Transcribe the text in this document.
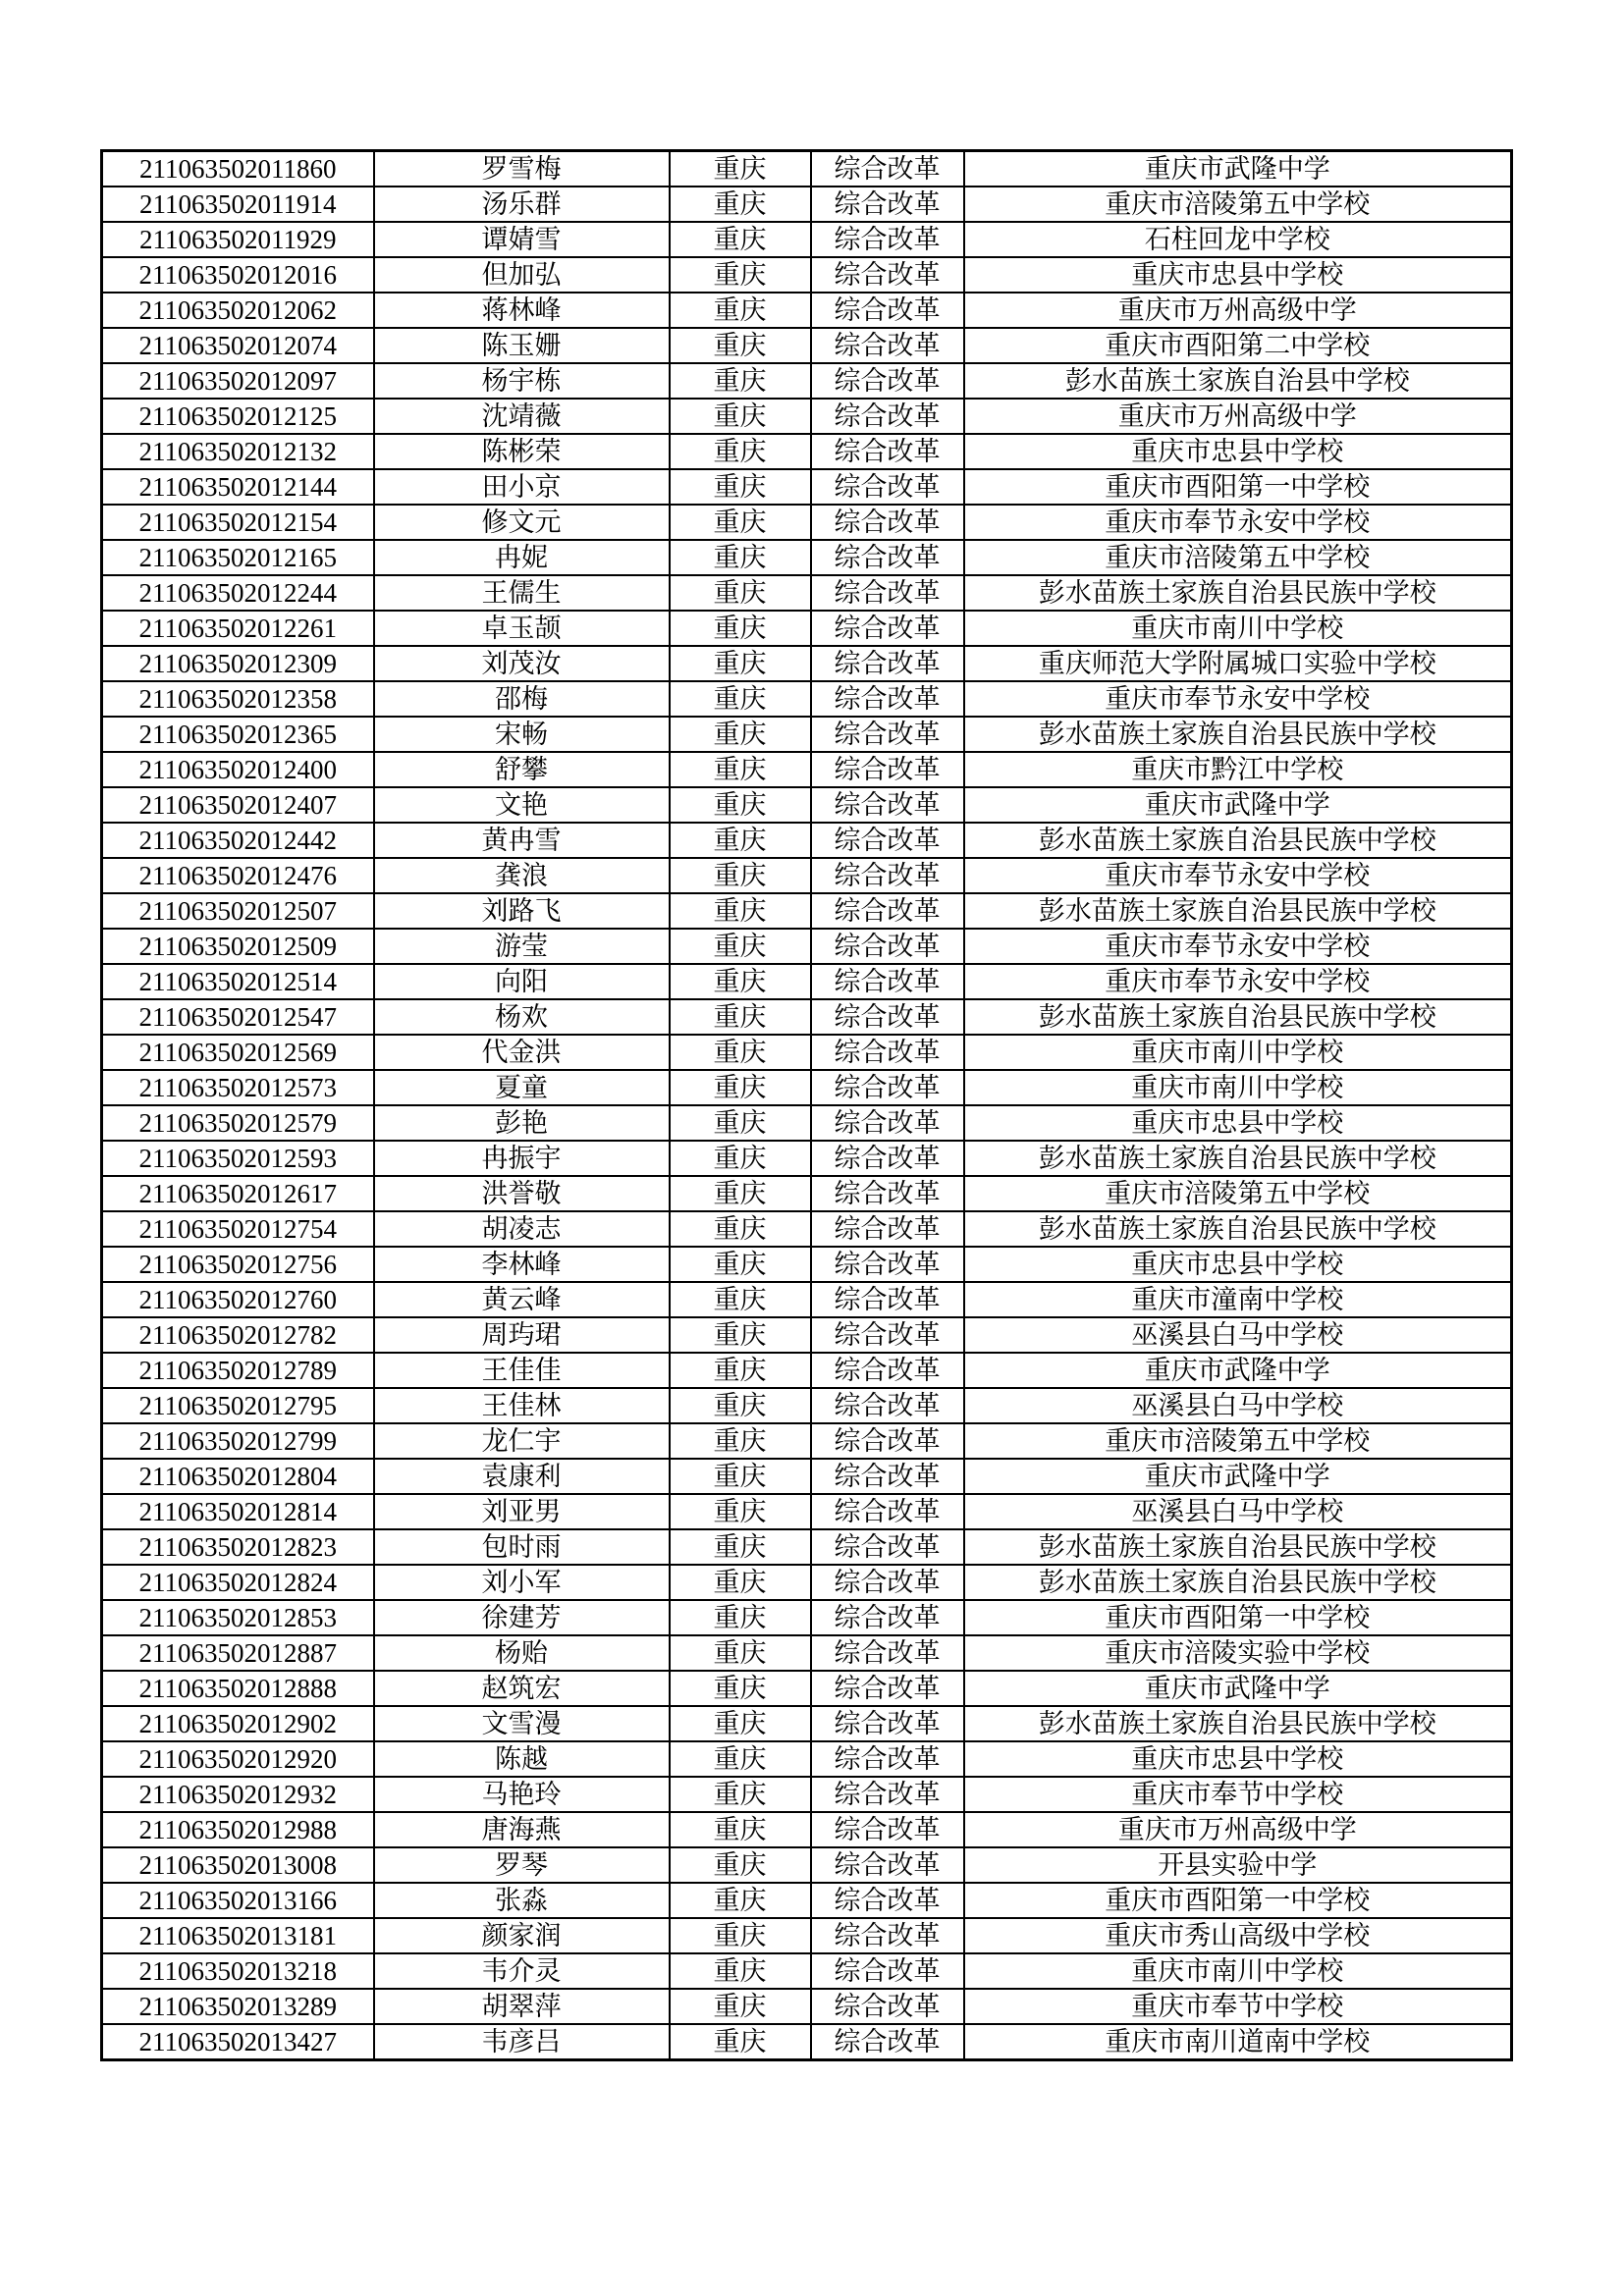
211063502011860	罗雪梅	重庆	综合改革	重庆市武隆中学
211063502011914	汤乐群	重庆	综合改革	重庆市涪陵第五中学校
211063502011929	谭婧雪	重庆	综合改革	石柱回龙中学校
211063502012016	但加弘	重庆	综合改革	重庆市忠县中学校
211063502012062	蒋林峰	重庆	综合改革	重庆市万州高级中学
211063502012074	陈玉姗	重庆	综合改革	重庆市酉阳第二中学校
211063502012097	杨宇栋	重庆	综合改革	彭水苗族土家族自治县中学校
211063502012125	沈靖薇	重庆	综合改革	重庆市万州高级中学
211063502012132	陈彬荣	重庆	综合改革	重庆市忠县中学校
211063502012144	田小京	重庆	综合改革	重庆市酉阳第一中学校
211063502012154	修文元	重庆	综合改革	重庆市奉节永安中学校
211063502012165	冉妮	重庆	综合改革	重庆市涪陵第五中学校
211063502012244	王儒生	重庆	综合改革	彭水苗族土家族自治县民族中学校
211063502012261	卓玉颉	重庆	综合改革	重庆市南川中学校
211063502012309	刘茂汝	重庆	综合改革	重庆师范大学附属城口实验中学校
211063502012358	邵梅	重庆	综合改革	重庆市奉节永安中学校
211063502012365	宋畅	重庆	综合改革	彭水苗族土家族自治县民族中学校
211063502012400	舒攀	重庆	综合改革	重庆市黔江中学校
211063502012407	文艳	重庆	综合改革	重庆市武隆中学
211063502012442	黄冉雪	重庆	综合改革	彭水苗族土家族自治县民族中学校
211063502012476	龚浪	重庆	综合改革	重庆市奉节永安中学校
211063502012507	刘路飞	重庆	综合改革	彭水苗族土家族自治县民族中学校
211063502012509	游莹	重庆	综合改革	重庆市奉节永安中学校
211063502012514	向阳	重庆	综合改革	重庆市奉节永安中学校
211063502012547	杨欢	重庆	综合改革	彭水苗族土家族自治县民族中学校
211063502012569	代金洪	重庆	综合改革	重庆市南川中学校
211063502012573	夏童	重庆	综合改革	重庆市南川中学校
211063502012579	彭艳	重庆	综合改革	重庆市忠县中学校
211063502012593	冉振宇	重庆	综合改革	彭水苗族土家族自治县民族中学校
211063502012617	洪誉敬	重庆	综合改革	重庆市涪陵第五中学校
211063502012754	胡凌志	重庆	综合改革	彭水苗族土家族自治县民族中学校
211063502012756	李林峰	重庆	综合改革	重庆市忠县中学校
211063502012760	黄云峰	重庆	综合改革	重庆市潼南中学校
211063502012782	周玙珺	重庆	综合改革	巫溪县白马中学校
211063502012789	王佳佳	重庆	综合改革	重庆市武隆中学
211063502012795	王佳林	重庆	综合改革	巫溪县白马中学校
211063502012799	龙仁宇	重庆	综合改革	重庆市涪陵第五中学校
211063502012804	袁康利	重庆	综合改革	重庆市武隆中学
211063502012814	刘亚男	重庆	综合改革	巫溪县白马中学校
211063502012823	包时雨	重庆	综合改革	彭水苗族土家族自治县民族中学校
211063502012824	刘小军	重庆	综合改革	彭水苗族土家族自治县民族中学校
211063502012853	徐建芳	重庆	综合改革	重庆市酉阳第一中学校
211063502012887	杨贻	重庆	综合改革	重庆市涪陵实验中学校
211063502012888	赵筑宏	重庆	综合改革	重庆市武隆中学
211063502012902	文雪漫	重庆	综合改革	彭水苗族土家族自治县民族中学校
211063502012920	陈越	重庆	综合改革	重庆市忠县中学校
211063502012932	马艳玲	重庆	综合改革	重庆市奉节中学校
211063502012988	唐海燕	重庆	综合改革	重庆市万州高级中学
211063502013008	罗琴	重庆	综合改革	开县实验中学
211063502013166	张淼	重庆	综合改革	重庆市酉阳第一中学校
211063502013181	颜家润	重庆	综合改革	重庆市秀山高级中学校
211063502013218	韦介灵	重庆	综合改革	重庆市南川中学校
211063502013289	胡翠萍	重庆	综合改革	重庆市奉节中学校
211063502013427	韦彦吕	重庆	综合改革	重庆市南川道南中学校
